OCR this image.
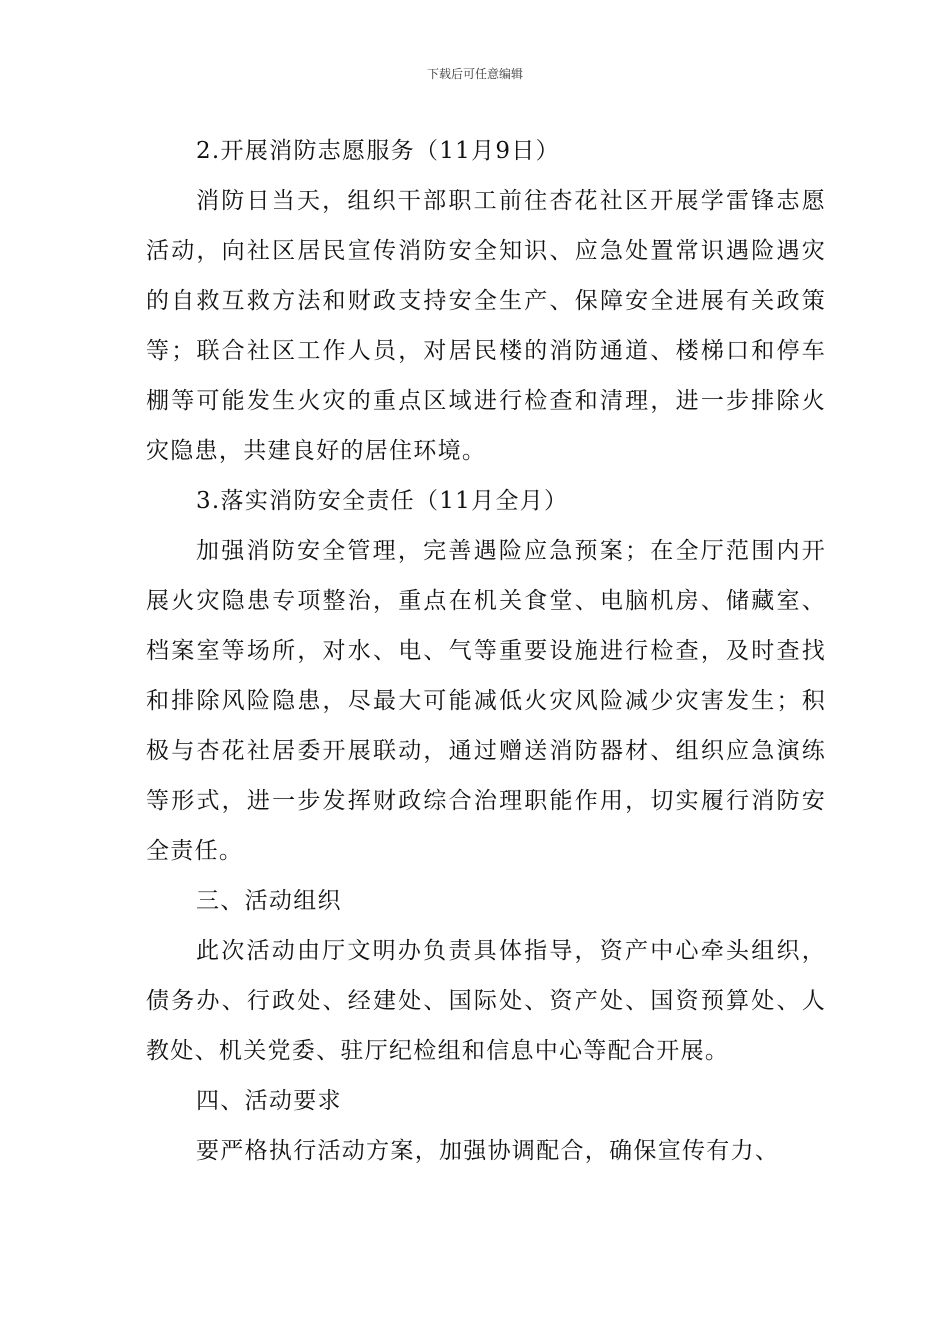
下载后可任意编辑

2.开展消防志愿服务（11月9日）

消防日当天，组织干部职工前往杏花社区开展学雷锋志愿活动，向社区居民宣传消防安全知识、应急处置常识遇险遇灾的自救互救方法和财政支持安全生产、保障安全进展有关政策等；联合社区工作人员，对居民楼的消防通道、楼梯口和停车棚等可能发生火灾的重点区域进行检查和清理，进一步排除火灾隐患，共建良好的居住环境。

3.落实消防安全责任（11月全月）

加强消防安全管理，完善遇险应急预案；在全厅范围内开展火灾隐患专项整治，重点在机关食堂、电脑机房、储藏室、档案室等场所，对水、电、气等重要设施进行检查，及时查找和排除风险隐患，尽最大可能减低火灾风险减少灾害发生；积极与杏花社居委开展联动，通过赠送消防器材、组织应急演练等形式，进一步发挥财政综合治理职能作用，切实履行消防安全责任。

三、活动组织

此次活动由厅文明办负责具体指导，资产中心牵头组织，债务办、行政处、经建处、国际处、资产处、国资预算处、人教处、机关党委、驻厅纪检组和信息中心等配合开展。

四、活动要求

要严格执行活动方案，加强协调配合，确保宣传有力、
